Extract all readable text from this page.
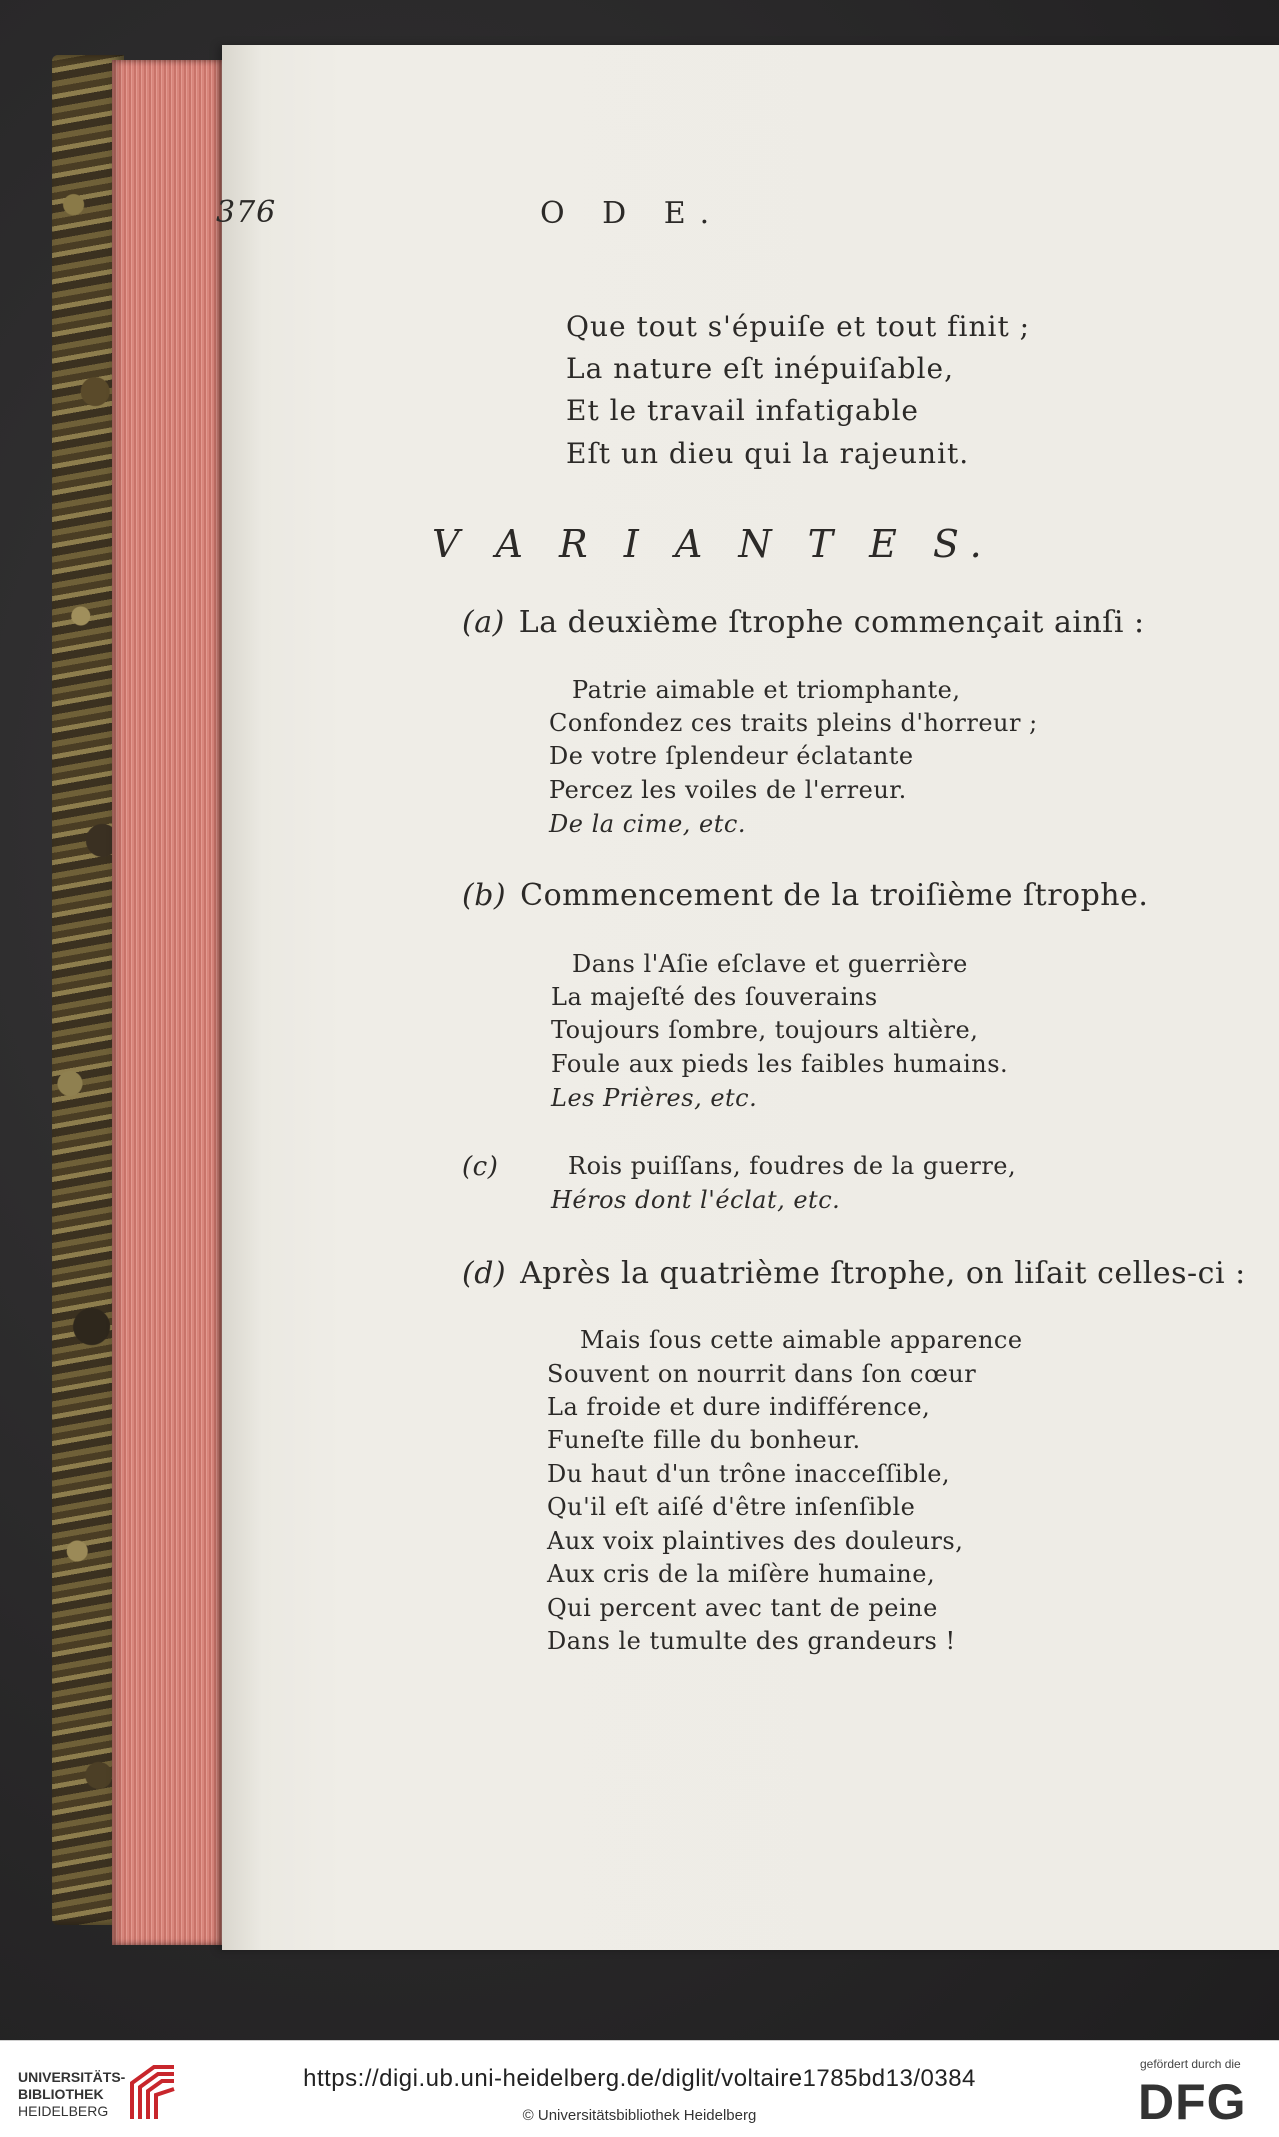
376	O D E.
Que tout s'épuiſe et tout finit ;
La nature eſt inépuiſable,
Et le travail infatigable
Eſt un dieu qui la rajeunit.
V A R I A N T E S.
(a) La deuxième ſtrophe commençait ainſi :
Patrie aimable et triomphante,
Confondez ces traits pleins d'horreur ;
De votre ſplendeur éclatante
Percez les voiles de l'erreur.
De la cime, etc.
(b) Commencement de la troiſième ſtrophe.
Dans l'Aſie eſclave et guerrière
La majeſté des ſouverains
Toujours ſombre, toujours altière,
Foule aux pieds les faibles humains.
Les Prières, etc.
(c)	Rois puiſſans, foudres de la guerre,
Héros dont l'éclat, etc.
(d) Après la quatrième ſtrophe, on liſait celles-ci :
Mais ſous cette aimable apparence
Souvent on nourrit dans ſon cœur
La froide et dure indifférence,
Funeſte fille du bonheur.
Du haut d'un trône inacceſſible,
Qu'il eſt aiſé d'être inſenſible
Aux voix plaintives des douleurs,
Aux cris de la miſère humaine,
Qui percent avec tant de peine
Dans le tumulte des grandeurs !
UNIVERSITÄTS-
BIBLIOTHEK
HEIDELBERG
https://digi.ub.uni-heidelberg.de/diglit/voltaire1785bd13/0384
© Universitätsbibliothek Heidelberg
gefördert durch die
DFG
